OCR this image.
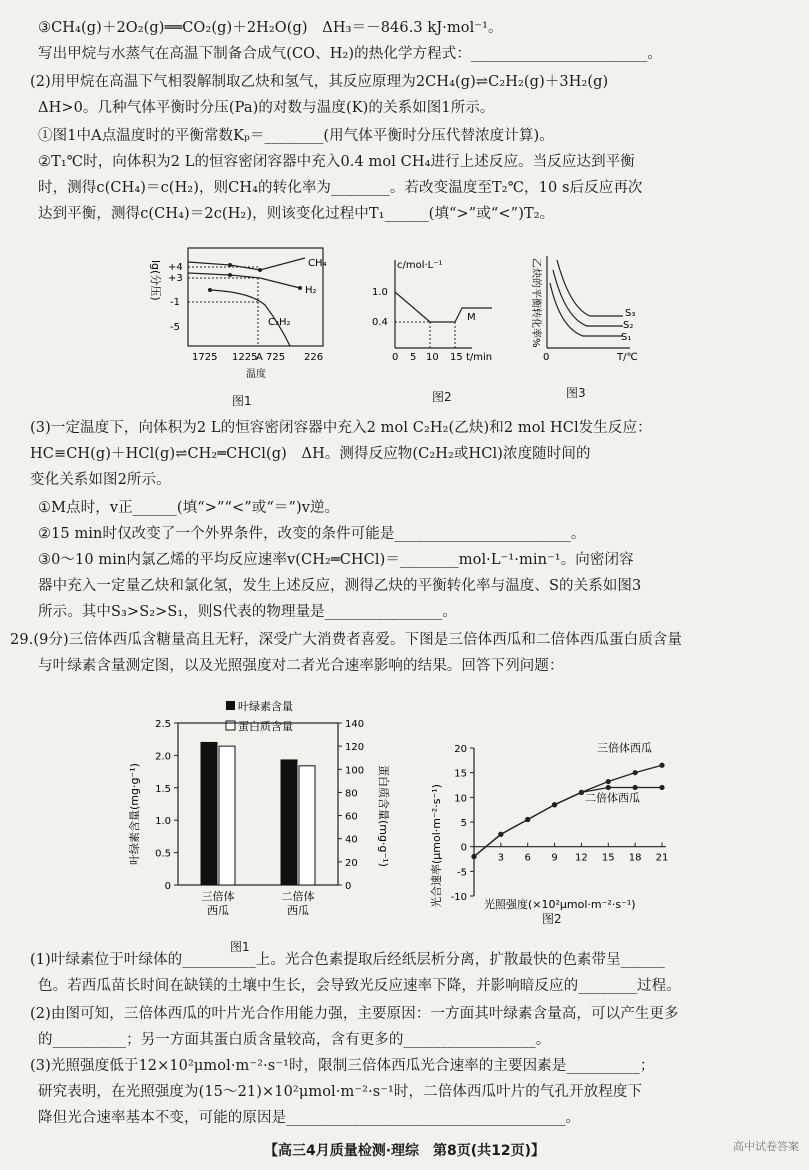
③CH₄(g)＋2O₂(g)══CO₂(g)＋2H₂O(g)　ΔH₃＝－846.3 kJ·mol⁻¹。
写出甲烷与水蒸气在高温下制备合成气(CO、H₂)的热化学方程式：________________________。
(2)用甲烷在高温下气相裂解制取乙炔和氢气，其反应原理为2CH₄(g)⇌C₂H₂(g)＋3H₂(g)
ΔH>0。几种气体平衡时分压(Pa)的对数与温度(K)的关系如图1所示。
①图1中A点温度时的平衡常数Kₚ＝________(用气体平衡时分压代替浓度计算)。
②T₁℃时，向体积为2 L的恒容密闭容器中充入0.4 mol CH₄进行上述反应。当反应达到平衡
时，测得c(CH₄)＝c(H₂)，则CH₄的转化率为________。若改变温度至T₂℃，10 s后反应再次
达到平衡，测得c(CH₄)＝2c(H₂)，则该变化过程中T₁______(填“>”或“<”)T₂。
(3)一定温度下，向体积为2 L的恒容密闭容器中充入2 mol C₂H₂(乙炔)和2 mol HCl发生反应：
HC≡CH(g)＋HCl(g)⇌CH₂═CHCl(g)　ΔH。测得反应物(C₂H₂或HCl)浓度随时间的
变化关系如图2所示。
①M点时，v正______(填“>”“<”或“＝”)v逆。
②15 min时仅改变了一个外界条件，改变的条件可能是________________________。
③0～10 min内氯乙烯的平均反应速率v(CH₂═CHCl)＝________mol·L⁻¹·min⁻¹。向密闭容
器中充入一定量乙炔和氯化氢，发生上述反应，测得乙炔的平衡转化率与温度、S的关系如图3
所示。其中S₃>S₂>S₁，则S代表的物理量是________________。
29.(9分)三倍体西瓜含糖量高且无籽，深受广大消费者喜爱。下图是三倍体西瓜和二倍体西瓜蛋白质含量
与叶绿素含量测定图，以及光照强度对二者光合速率影响的结果。回答下列问题：
(1)叶绿素位于叶绿体的__________上。光合色素提取后经纸层析分离，扩散最快的色素带呈______
色。若西瓜苗长时间在缺镁的土壤中生长，会导致光反应速率下降，并影响暗反应的________过程。
(2)由图可知，三倍体西瓜的叶片光合作用能力强，主要原因：一方面其叶绿素含量高，可以产生更多
的__________；另一方面其蛋白质含量较高，含有更多的__________________。
(3)光照强度低于12×10²μmol·m⁻²·s⁻¹时，限制三倍体西瓜光合速率的主要因素是__________；
研究表明，在光照强度为(15～21)×10²μmol·m⁻²·s⁻¹时，二倍体西瓜叶片的气孔开放程度下
降但光合速率基本不变，可能的原因是______________________________________。
lg(分压) +4
+3
-1
-5
CH₄
H₂
C₂H₂
1725 1225
A 725 226
温度
图1
c/mol·L⁻¹
1.0
0.4	M
0 5 10 15 t/min
图2
乙炔的平衡转化率%	S₃
S₂
S₁
0	T/℃
图3
叶绿素含量
蛋白质含量
叶绿素含量(mg·g⁻¹)	蛋白质含量(mg·g⁻¹)
0
0.5
1.0
1.5
2.0
2.5
0
20
40
60
80
100
120
140
三倍体
西瓜
二倍体
西瓜
图1
光合速率(μmol·m⁻²·s⁻¹)	光照强度(×10²μmol·m⁻²·s⁻¹)
-10
-5
0
5
10
15
20
3 6 9 12 15 18 21
三倍体西瓜
二倍体西瓜
图2
【高三4月质量检测·理综　第8页(共12页)】	高中试卷答案
